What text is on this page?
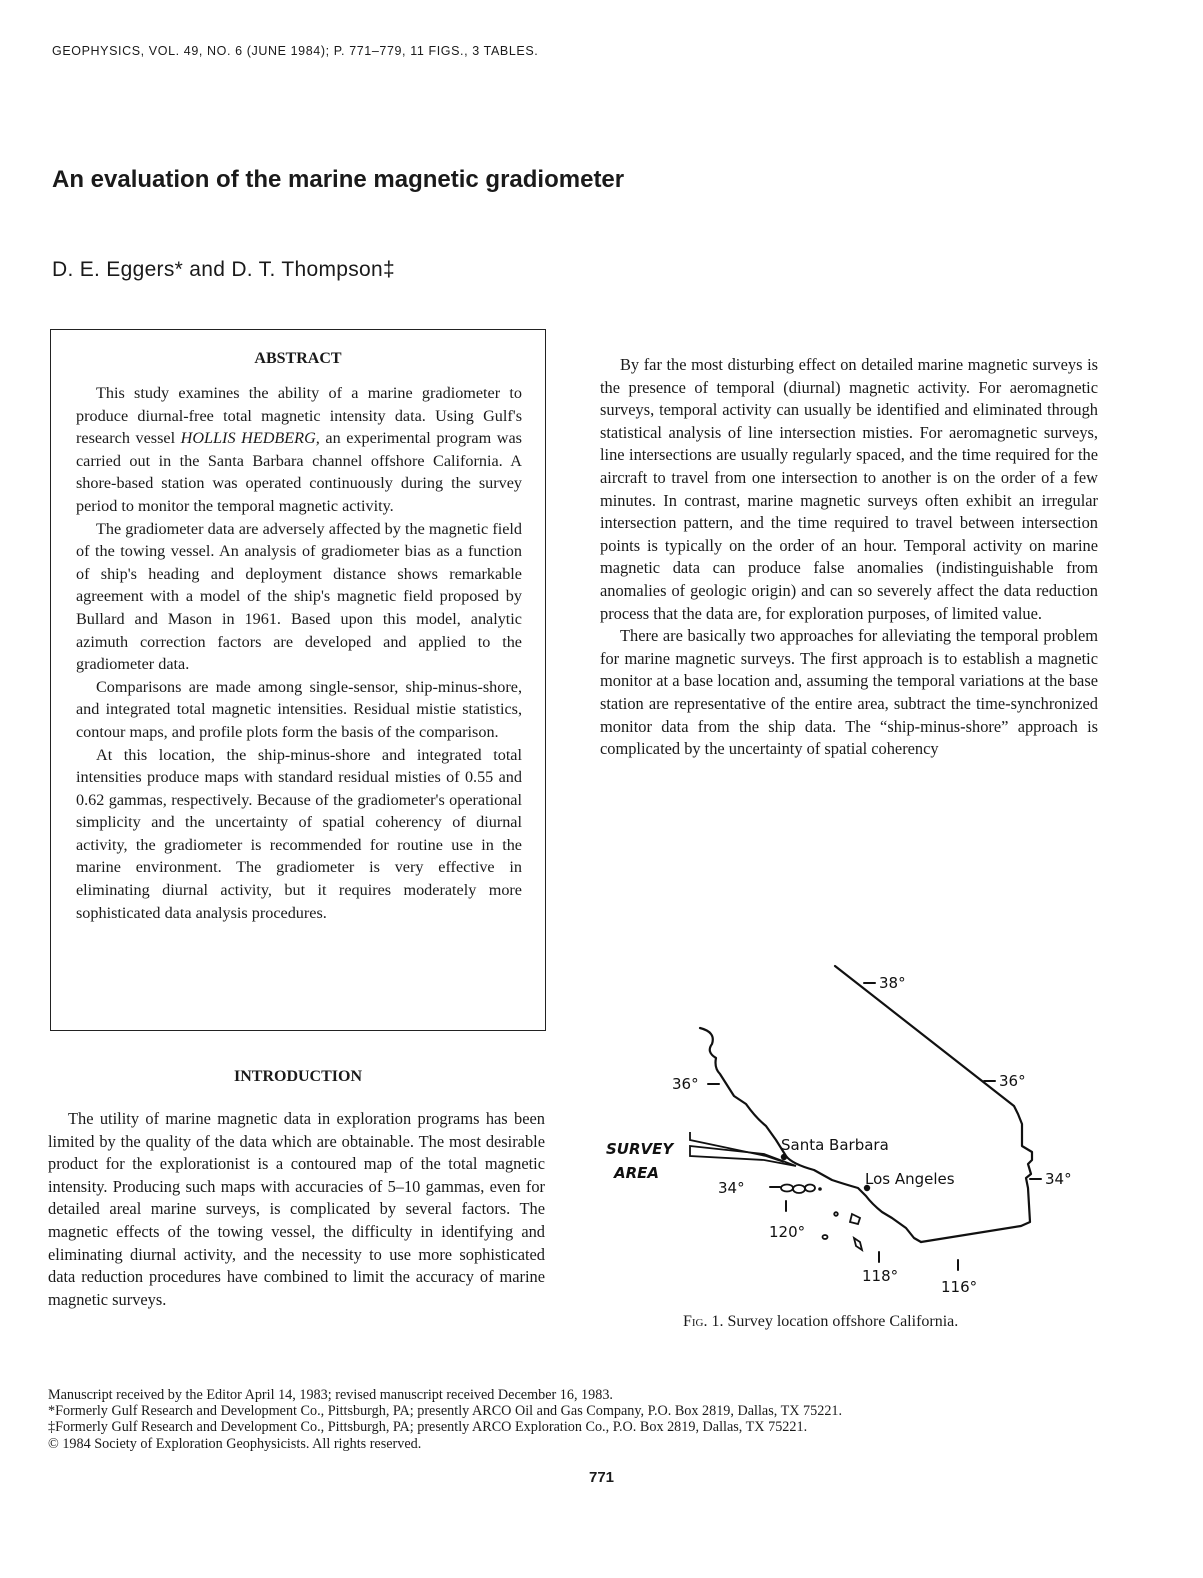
GEOPHYSICS, VOL. 49, NO. 6 (JUNE 1984); P. 771–779, 11 FIGS., 3 TABLES.
An evaluation of the marine magnetic gradiometer
D. E. Eggers* and D. T. Thompson‡
ABSTRACT

This study examines the ability of a marine gradiometer to produce diurnal-free total magnetic intensity data. Using Gulf's research vessel HOLLIS HEDBERG, an experimental program was carried out in the Santa Barbara channel offshore California. A shore-based station was operated continuously during the survey period to monitor the temporal magnetic activity.

The gradiometer data are adversely affected by the magnetic field of the towing vessel. An analysis of gradiometer bias as a function of ship's heading and deployment distance shows remarkable agreement with a model of the ship's magnetic field proposed by Bullard and Mason in 1961. Based upon this model, analytic azimuth correction factors are developed and applied to the gradiometer data.

Comparisons are made among single-sensor, ship-minus-shore, and integrated total magnetic intensities. Residual mistie statistics, contour maps, and profile plots form the basis of the comparison.

At this location, the ship-minus-shore and integrated total intensities produce maps with standard residual misties of 0.55 and 0.62 gammas, respectively. Because of the gradiometer's operational simplicity and the uncertainty of spatial coherency of diurnal activity, the gradiometer is recommended for routine use in the marine environment. The gradiometer is very effective in eliminating diurnal activity, but it requires moderately more sophisticated data analysis procedures.

INTRODUCTION

The utility of marine magnetic data in exploration programs has been limited by the quality of the data which are obtainable. The most desirable product for the explorationist is a contoured map of the total magnetic intensity. Producing such maps with accuracies of 5–10 gammas, even for detailed areal marine surveys, is complicated by several factors. The magnetic effects of the towing vessel, the difficulty in identifying and eliminating diurnal activity, and the necessity to use more sophisticated data reduction procedures have combined to limit the accuracy of marine magnetic surveys.

By far the most disturbing effect on detailed marine magnetic surveys is the presence of temporal (diurnal) magnetic activity. For aeromagnetic surveys, temporal activity can usually be identified and eliminated through statistical analysis of line intersection misties. For aeromagnetic surveys, line intersections are usually regularly spaced, and the time required for the aircraft to travel from one intersection to another is on the order of a few minutes. In contrast, marine magnetic surveys often exhibit an irregular intersection pattern, and the time required to travel between intersection points is typically on the order of an hour. Temporal activity on marine magnetic data can produce false anomalies (indistinguishable from anomalies of geologic origin) and can so severely affect the data reduction process that the data are, for exploration purposes, of limited value.

There are basically two approaches for alleviating the temporal problem for marine magnetic surveys. The first approach is to establish a magnetic monitor at a base location and, assuming the temporal variations at the base station are representative of the entire area, subtract the time-synchronized monitor data from the ship data. The “ship-minus-shore” approach is complicated by the uncertainty of spatial coherency

38°
36°
34°
36°
34°
120°
118°
116°
Santa Barbara
Los Angeles
SURVEY
AREA
Fig. 1. Survey location offshore California.
Manuscript received by the Editor April 14, 1983; revised manuscript received December 16, 1983.
*Formerly Gulf Research and Development Co., Pittsburgh, PA; presently ARCO Oil and Gas Company, P.O. Box 2819, Dallas, TX 75221.
‡Formerly Gulf Research and Development Co., Pittsburgh, PA; presently ARCO Exploration Co., P.O. Box 2819, Dallas, TX 75221.
© 1984 Society of Exploration Geophysicists. All rights reserved.
771
